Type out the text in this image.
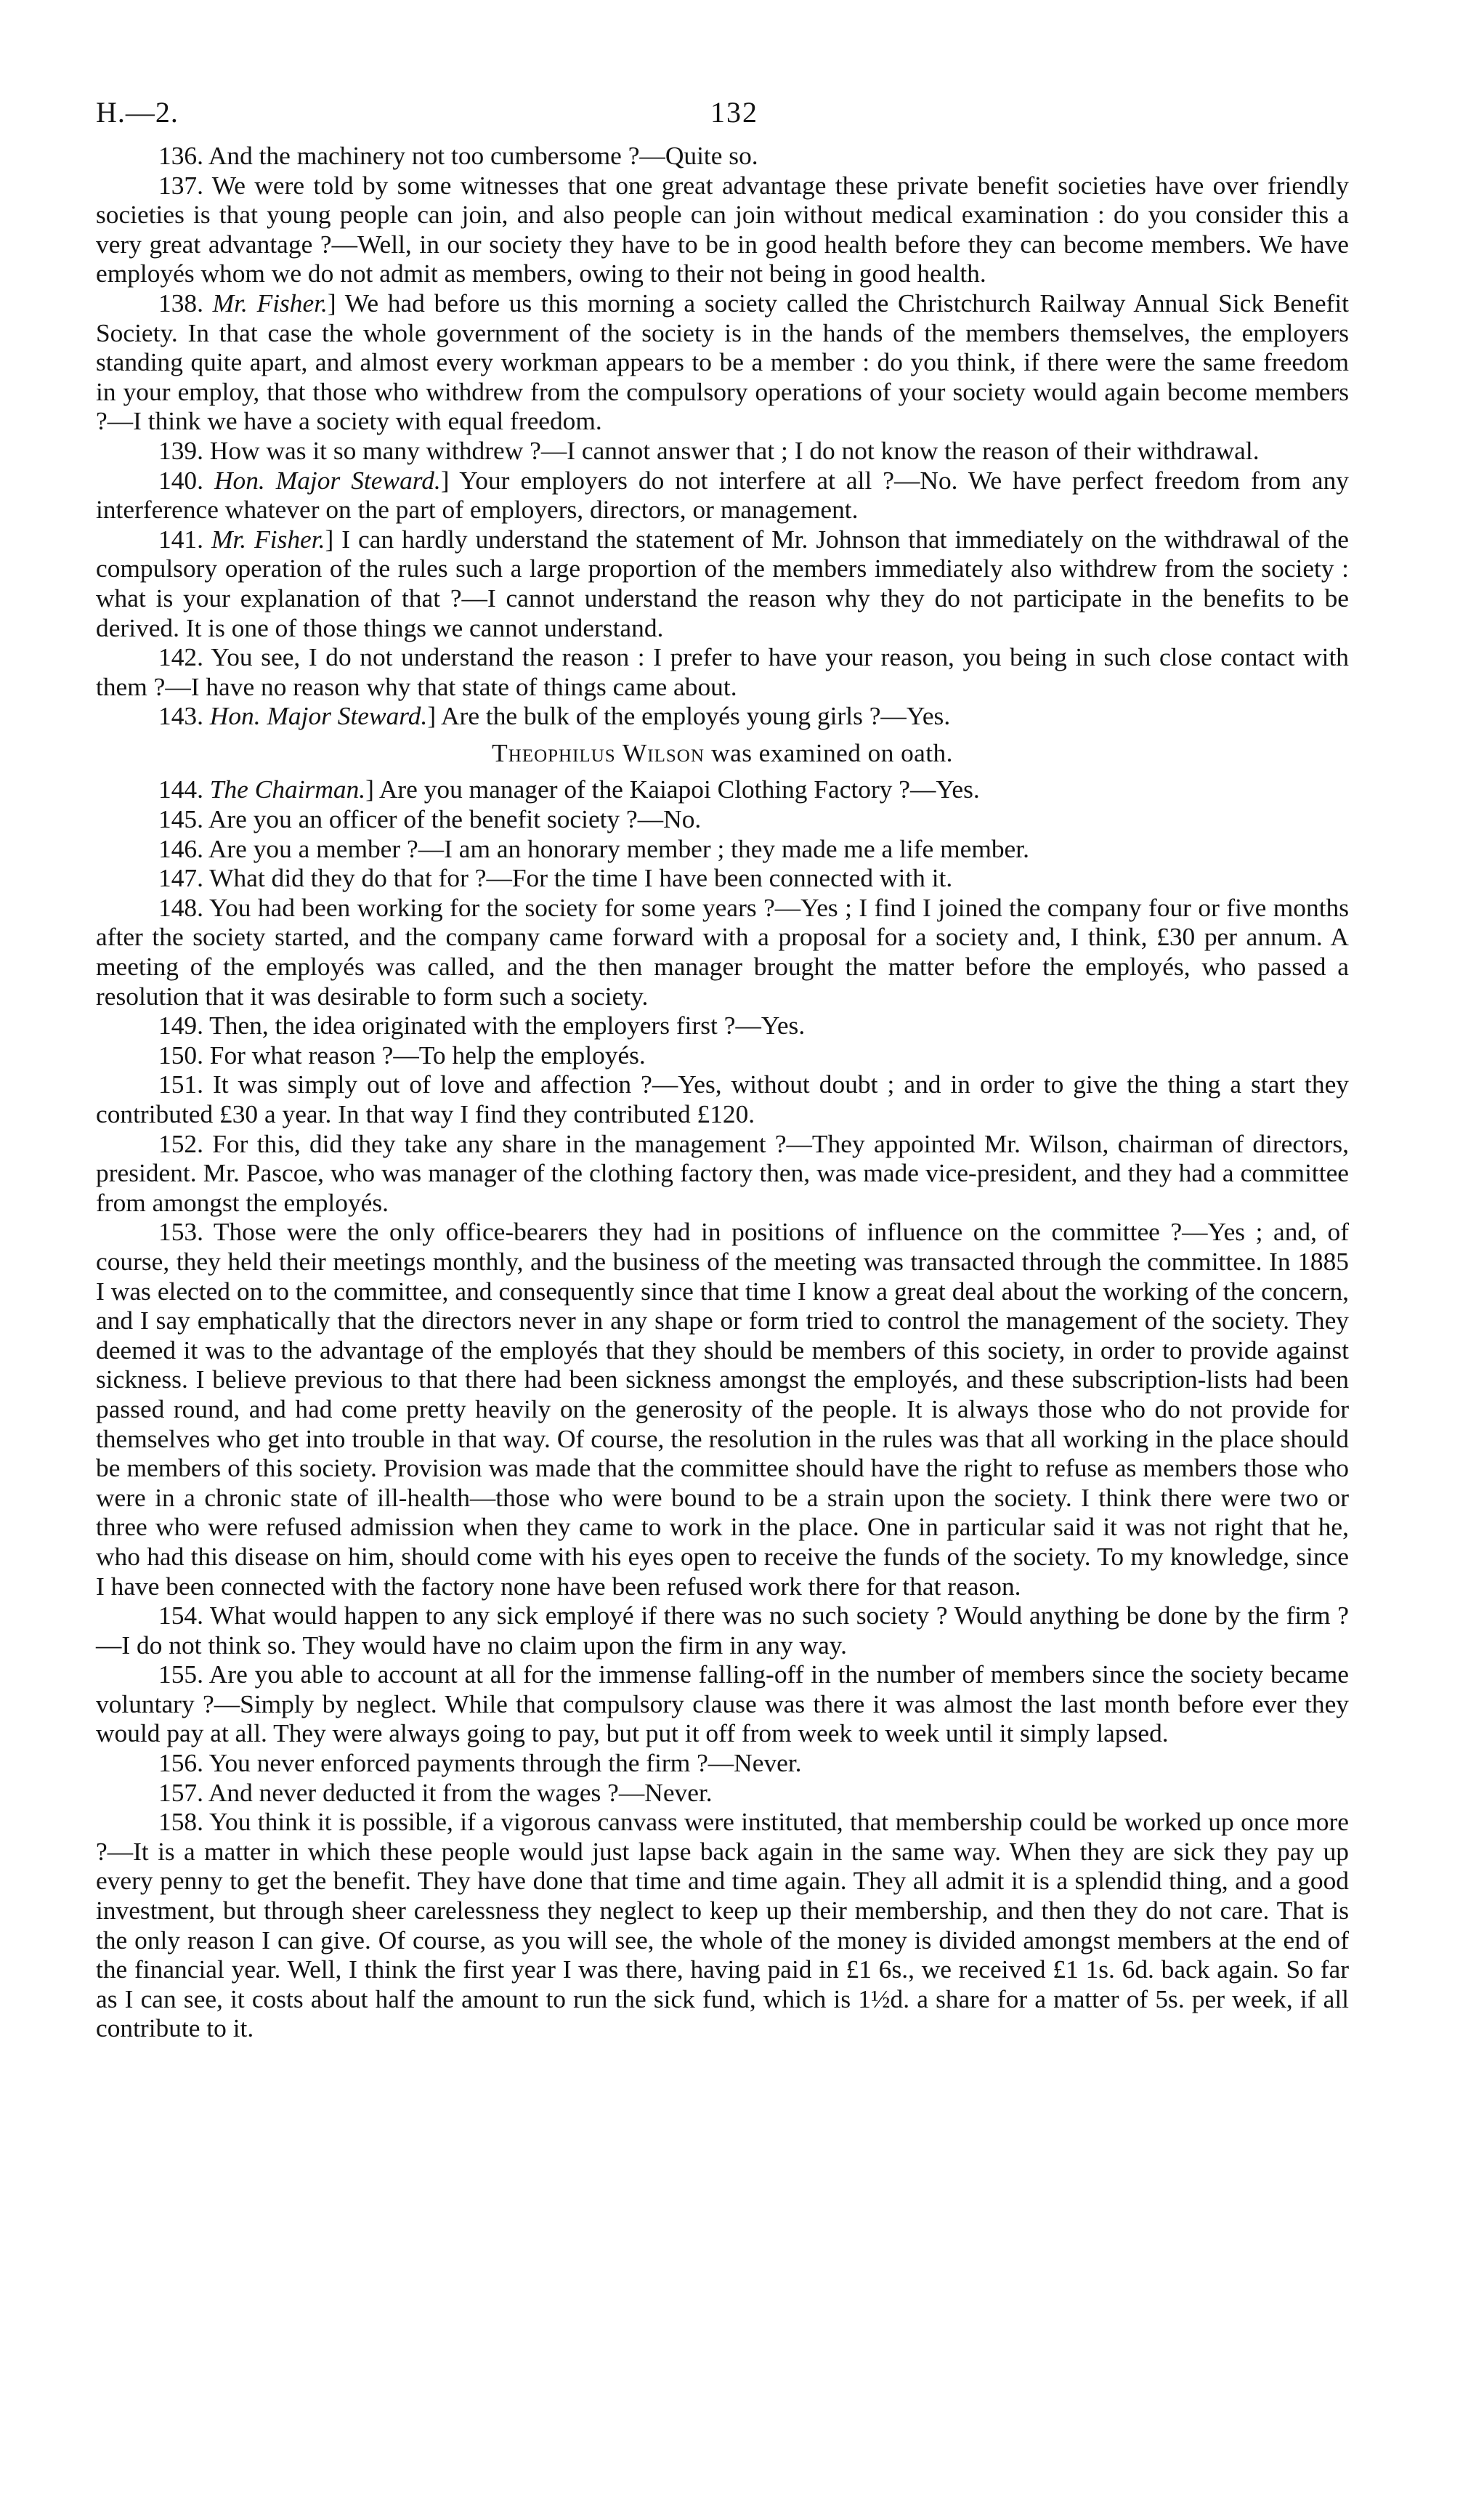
H.—2.	132

136. And the machinery not too cumbersome ?—Quite so.

137. We were told by some witnesses that one great advantage these private benefit societies have over friendly societies is that young people can join, and also people can join without medical examination : do you consider this a very great advantage ?—Well, in our society they have to be in good health before they can become members. We have employés whom we do not admit as members, owing to their not being in good health.

138. Mr. Fisher.] We had before us this morning a society called the Christchurch Railway Annual Sick Benefit Society. In that case the whole government of the society is in the hands of the members themselves, the employers standing quite apart, and almost every workman appears to be a member : do you think, if there were the same freedom in your employ, that those who withdrew from the compulsory operations of your society would again become members ?—I think we have a society with equal freedom.

139. How was it so many withdrew ?—I cannot answer that ; I do not know the reason of their withdrawal.

140. Hon. Major Steward.] Your employers do not interfere at all ?—No. We have perfect freedom from any interference whatever on the part of employers, directors, or management.

141. Mr. Fisher.] I can hardly understand the statement of Mr. Johnson that immediately on the withdrawal of the compulsory operation of the rules such a large proportion of the members immediately also withdrew from the society : what is your explanation of that ?—I cannot understand the reason why they do not participate in the benefits to be derived. It is one of those things we cannot understand.

142. You see, I do not understand the reason : I prefer to have your reason, you being in such close contact with them ?—I have no reason why that state of things came about.

143. Hon. Major Steward.] Are the bulk of the employés young girls ?—Yes.

Theophilus Wilson was examined on oath.

144. The Chairman.] Are you manager of the Kaiapoi Clothing Factory ?—Yes.

145. Are you an officer of the benefit society ?—No.

146. Are you a member ?—I am an honorary member ; they made me a life member.

147. What did they do that for ?—For the time I have been connected with it.

148. You had been working for the society for some years ?—Yes ; I find I joined the company four or five months after the society started, and the company came forward with a proposal for a society and, I think, £30 per annum. A meeting of the employés was called, and the then manager brought the matter before the employés, who passed a resolution that it was desirable to form such a society.

149. Then, the idea originated with the employers first ?—Yes.

150. For what reason ?—To help the employés.

151. It was simply out of love and affection ?—Yes, without doubt ; and in order to give the thing a start they contributed £30 a year. In that way I find they contributed £120.

152. For this, did they take any share in the management ?—They appointed Mr. Wilson, chairman of directors, president. Mr. Pascoe, who was manager of the clothing factory then, was made vice-president, and they had a committee from amongst the employés.

153. Those were the only office-bearers they had in positions of influence on the committee ?—Yes ; and, of course, they held their meetings monthly, and the business of the meeting was transacted through the committee. In 1885 I was elected on to the committee, and consequently since that time I know a great deal about the working of the concern, and I say emphatically that the directors never in any shape or form tried to control the management of the society. They deemed it was to the advantage of the employés that they should be members of this society, in order to provide against sickness. I believe previous to that there had been sickness amongst the employés, and these subscription-lists had been passed round, and had come pretty heavily on the generosity of the people. It is always those who do not provide for themselves who get into trouble in that way. Of course, the resolution in the rules was that all working in the place should be members of this society. Provision was made that the committee should have the right to refuse as members those who were in a chronic state of ill-health—those who were bound to be a strain upon the society. I think there were two or three who were refused admission when they came to work in the place. One in particular said it was not right that he, who had this disease on him, should come with his eyes open to receive the funds of the society. To my knowledge, since I have been connected with the factory none have been refused work there for that reason.

154. What would happen to any sick employé if there was no such society ? Would anything be done by the firm ?—I do not think so. They would have no claim upon the firm in any way.

155. Are you able to account at all for the immense falling-off in the number of members since the society became voluntary ?—Simply by neglect. While that compulsory clause was there it was almost the last month before ever they would pay at all. They were always going to pay, but put it off from week to week until it simply lapsed.

156. You never enforced payments through the firm ?—Never.

157. And never deducted it from the wages ?—Never.

158. You think it is possible, if a vigorous canvass were instituted, that membership could be worked up once more ?—It is a matter in which these people would just lapse back again in the same way. When they are sick they pay up every penny to get the benefit. They have done that time and time again. They all admit it is a splendid thing, and a good investment, but through sheer carelessness they neglect to keep up their membership, and then they do not care. That is the only reason I can give. Of course, as you will see, the whole of the money is divided amongst members at the end of the financial year. Well, I think the first year I was there, having paid in £1 6s., we received £1 1s. 6d. back again. So far as I can see, it costs about half the amount to run the sick fund, which is 1½d. a share for a matter of 5s. per week, if all contribute to it.
